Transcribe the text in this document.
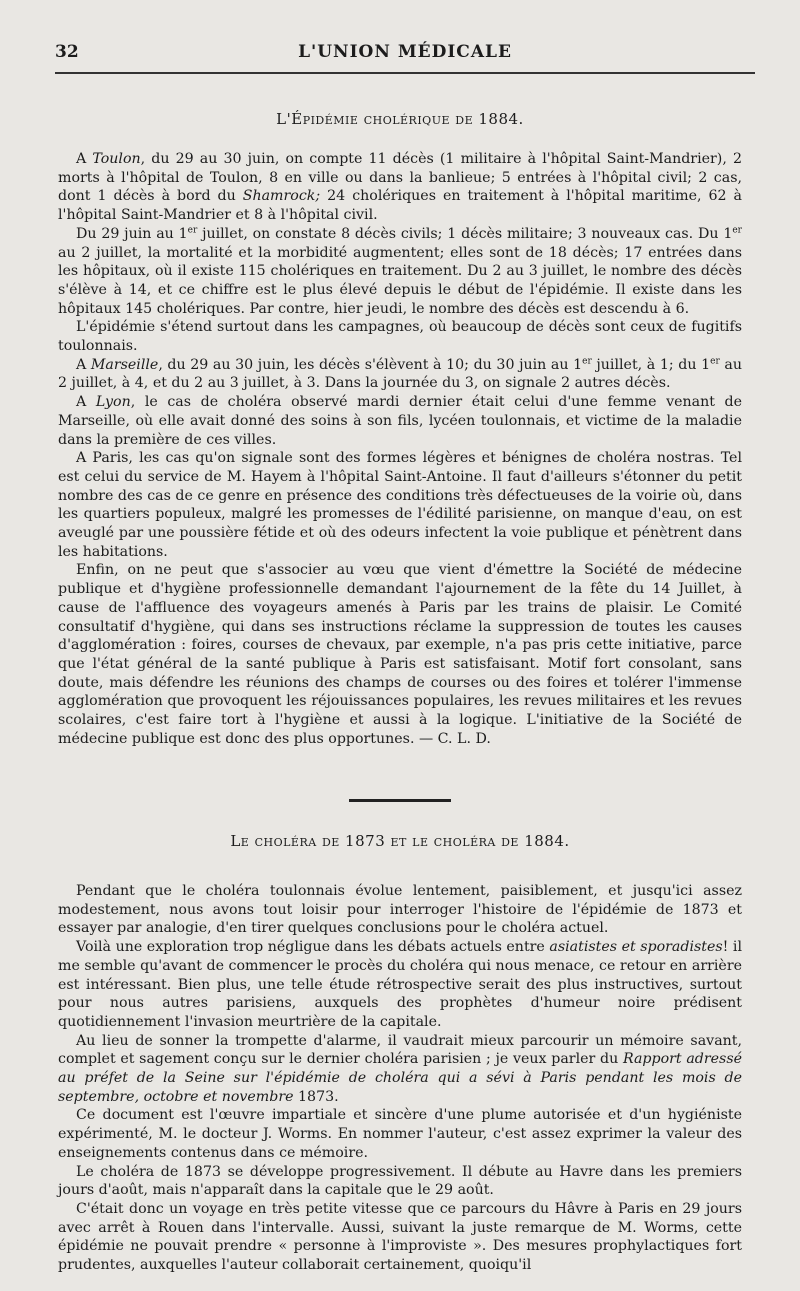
32	L'UNION MÉDICALE
L'Épidémie cholérique de 1884.

A Toulon, du 29 au 30 juin, on compte 11 décès (1 militaire à l'hôpital Saint-Mandrier), 2 morts à l'hôpital de Toulon, 8 en ville ou dans la banlieue; 5 entrées à l'hôpital civil; 2 cas, dont 1 décès à bord du Shamrock; 24 cholériques en traitement à l'hôpital maritime, 62 à l'hôpital Saint-Mandrier et 8 à l'hôpital civil.

Du 29 juin au 1er juillet, on constate 8 décès civils; 1 décès militaire; 3 nouveaux cas. Du 1er au 2 juillet, la mortalité et la morbidité augmentent; elles sont de 18 décès; 17 entrées dans les hôpitaux, où il existe 115 cholériques en traitement. Du 2 au 3 juillet, le nombre des décès s'élève à 14, et ce chiffre est le plus élevé depuis le début de l'épidémie. Il existe dans les hôpitaux 145 cholériques. Par contre, hier jeudi, le nombre des décès est descendu à 6.

L'épidémie s'étend surtout dans les campagnes, où beaucoup de décès sont ceux de fugitifs toulonnais.

A Marseille, du 29 au 30 juin, les décès s'élèvent à 10; du 30 juin au 1er juillet, à 1; du 1er au 2 juillet, à 4, et du 2 au 3 juillet, à 3. Dans la journée du 3, on signale 2 autres décès.

A Lyon, le cas de choléra observé mardi dernier était celui d'une femme venant de Marseille, où elle avait donné des soins à son fils, lycéen toulonnais, et victime de la maladie dans la première de ces villes.

A Paris, les cas qu'on signale sont des formes légères et bénignes de choléra nostras. Tel est celui du service de M. Hayem à l'hôpital Saint-Antoine. Il faut d'ailleurs s'étonner du petit nombre des cas de ce genre en présence des conditions très défectueuses de la voirie où, dans les quartiers populeux, malgré les promesses de l'édilité parisienne, on manque d'eau, on est aveuglé par une poussière fétide et où des odeurs infectent la voie publique et pénètrent dans les habitations.

Enfin, on ne peut que s'associer au vœu que vient d'émettre la Société de médecine publique et d'hygiène professionnelle demandant l'ajournement de la fête du 14 Juillet, à cause de l'affluence des voyageurs amenés à Paris par les trains de plaisir. Le Comité consultatif d'hygiène, qui dans ses instructions réclame la suppression de toutes les causes d'agglomération : foires, courses de chevaux, par exemple, n'a pas pris cette initiative, parce que l'état général de la santé publique à Paris est satisfaisant. Motif fort consolant, sans doute, mais défendre les réunions des champs de courses ou des foires et tolérer l'immense agglomération que provoquent les réjouissances populaires, les revues militaires et les revues scolaires, c'est faire tort à l'hygiène et aussi à la logique. L'initiative de la Société de médecine publique est donc des plus opportunes. — C. L. D.

Le choléra de 1873 et le choléra de 1884.

Pendant que le choléra toulonnais évolue lentement, paisiblement, et jusqu'ici assez modestement, nous avons tout loisir pour interroger l'histoire de l'épidémie de 1873 et essayer par analogie, d'en tirer quelques conclusions pour le choléra actuel.

Voilà une exploration trop négligue dans les débats actuels entre asiatistes et sporadistes! il me semble qu'avant de commencer le procès du choléra qui nous menace, ce retour en arrière est intéressant. Bien plus, une telle étude rétrospective serait des plus instructives, surtout pour nous autres parisiens, auxquels des prophètes d'humeur noire prédisent quotidiennement l'invasion meurtrière de la capitale.

Au lieu de sonner la trompette d'alarme, il vaudrait mieux parcourir un mémoire savant, complet et sagement conçu sur le dernier choléra parisien ; je veux parler du Rapport adressé au préfet de la Seine sur l'épidémie de choléra qui a sévi à Paris pendant les mois de septembre, octobre et novembre 1873.

Ce document est l'œuvre impartiale et sincère d'une plume autorisée et d'un hygiéniste expérimenté, M. le docteur J. Worms. En nommer l'auteur, c'est assez exprimer la valeur des enseignements contenus dans ce mémoire.

Le choléra de 1873 se développe progressivement. Il débute au Havre dans les premiers jours d'août, mais n'apparaît dans la capitale que le 29 août.

C'était donc un voyage en très petite vitesse que ce parcours du Hâvre à Paris en 29 jours avec arrêt à Rouen dans l'intervalle. Aussi, suivant la juste remarque de M. Worms, cette épidémie ne pouvait prendre « personne à l'improviste ». Des mesures prophylactiques fort prudentes, auxquelles l'auteur collaborait certainement, quoiqu'il
